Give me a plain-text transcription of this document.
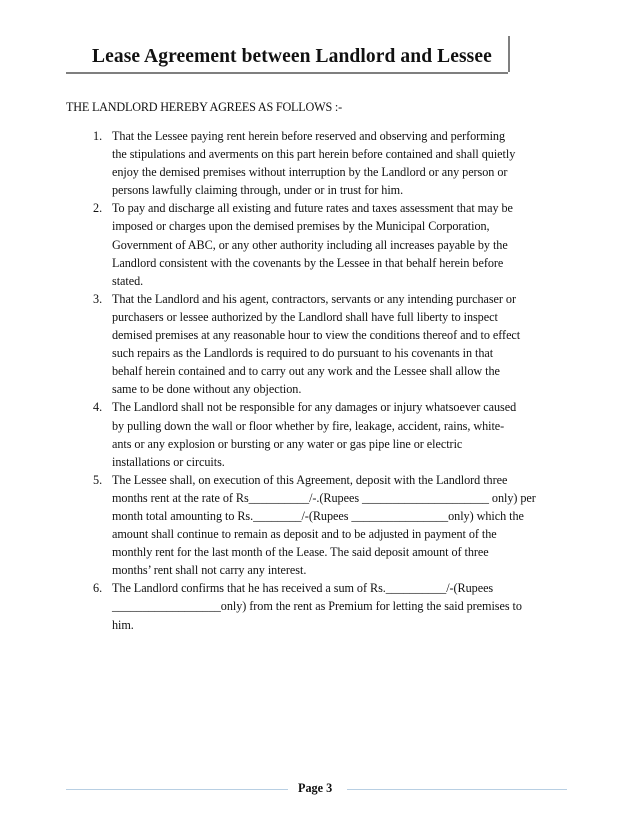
Lease Agreement between Landlord and Lessee
THE LANDLORD HEREBY AGREES AS FOLLOWS :-
1. That the Lessee paying rent herein before reserved and observing and performing
the stipulations and averments on this part herein before contained and shall quietly
enjoy the demised premises without interruption by the Landlord or any person or
persons lawfully claiming through, under or in trust for him.
2. To pay and discharge all existing and future rates and taxes assessment that may be
imposed or charges upon the demised premises by the Municipal Corporation,
Government of ABC, or any other authority including all increases payable by the
Landlord consistent with the covenants by the Lessee in that behalf herein before
stated.
3. That the Landlord and his agent, contractors, servants or any intending purchaser or
purchasers or lessee authorized by the Landlord shall have full liberty to inspect
demised premises at any reasonable hour to view the conditions thereof and to effect
such repairs as the Landlords is required to do pursuant to his covenants in that
behalf herein contained and to carry out any work and the Lessee shall allow the
same to be done without any objection.
4. The Landlord shall not be responsible for any damages or injury whatsoever caused
by pulling down the wall or floor whether by fire, leakage, accident, rains, white-
ants or any explosion or bursting or any water or gas pipe line or electric
installations or circuits.
5. The Lessee shall, on execution of this Agreement, deposit with the Landlord three
months rent at the rate of Rs__________/-.(Rupees _____________________ only) per
month total amounting to Rs.________/-(Rupees ________________only) which the
amount shall continue to remain as deposit and to be adjusted in payment of the
monthly rent for the last month of the Lease. The said deposit amount of three
months’ rent shall not carry any interest.
6. The Landlord confirms that he has received a sum of Rs.__________/-(Rupees
__________________only) from the rent as Premium for letting the said premises to
him.
Page 3
